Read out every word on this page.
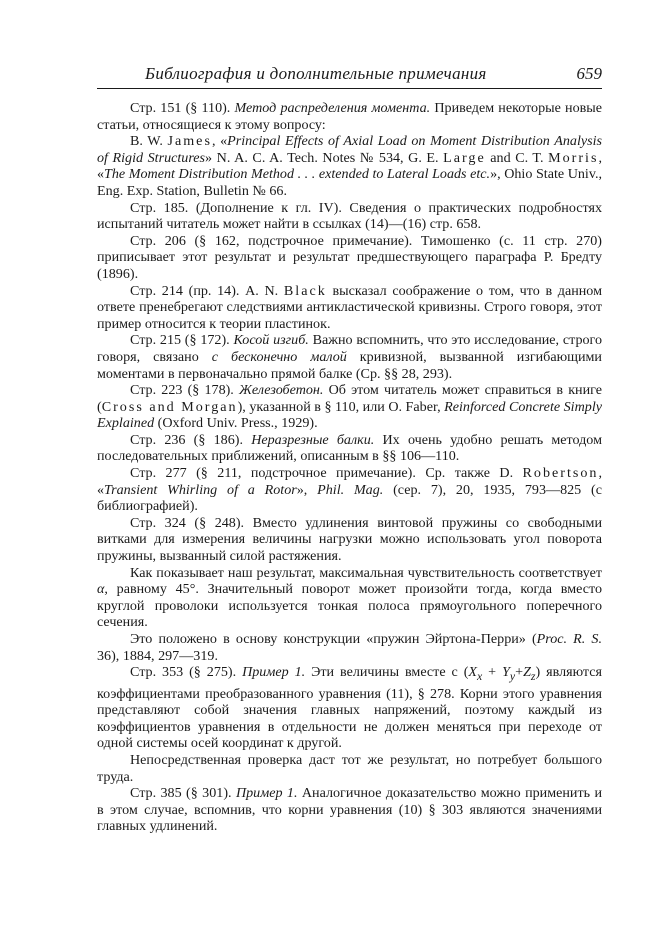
Библиография и дополнительные примечания	659

Стр. 151 (§ 110). Метод распределения момента. Приведем некоторые новые статьи, относящиеся к этому вопросу:

B. W. James, «Principal Effects of Axial Load on Moment Distribution Analysis of Rigid Structures» N. A. C. A. Tech. Notes № 534, G. E. Large and C. T. Morris, «The Moment Distribution Method . . . extended to Lateral Loads etc.», Ohio State Univ., Eng. Exp. Station, Bulletin № 66.

Стр. 185. (Дополнение к гл. IV). Сведения о практических подробностях испытаний читатель может найти в ссылках (14)—(16) стр. 658.

Стр. 206 (§ 162, подстрочное примечание). Тимошенко (с. 11 стр. 270) приписывает этот результат и результат предшествующего параграфа Р. Бредту (1896).

Стр. 214 (пр. 14). A. N. Black высказал соображение о том, что в данном ответе пренебрегают следствиями антикластической кривизны. Строго говоря, этот пример относится к теории пластинок.

Стр. 215 (§ 172). Косой изгиб. Важно вспомнить, что это исследование, строго говоря, связано с бесконечно малой кривизной, вызванной изгибающими моментами в первоначально прямой балке (Ср. §§ 28, 293).

Стр. 223 (§ 178). Железобетон. Об этом читатель может справиться в книге (Cross and Morgan), указанной в § 110, или O. Faber, Reinforced Concrete Simply Explained (Oxford Univ. Press., 1929).

Стр. 236 (§ 186). Неразрезные балки. Их очень удобно решать методом последовательных приближений, описанным в §§ 106—110.

Стр. 277 (§ 211, подстрочное примечание). Ср. также D. Robertson, «Transient Whirling of a Rotor», Phil. Mag. (сер. 7), 20, 1935, 793—825 (с библиографией).

Стр. 324 (§ 248). Вместо удлинения винтовой пружины со свободными витками для измерения величины нагрузки можно использовать угол поворота пружины, вызванный силой растяжения.

Как показывает наш результат, максимальная чувствительность соответствует α, равному 45°. Значительный поворот может произойти тогда, когда вместо круглой проволоки используется тонкая полоса прямоугольного поперечного сечения.

Это положено в основу конструкции «пружин Эйртона-Перри» (Proc. R. S. 36), 1884, 297—319.

Стр. 353 (§ 275). Пример 1. Эти величины вместе с $(X_x + Y_y+Z_z)$ являются коэффициентами преобразованного уравнения (11), § 278. Корни этого уравнения представляют собой значения главных напряжений, поэтому каждый из коэффициентов уравнения в отдельности не должен меняться при переходе от одной системы осей координат к другой.

Непосредственная проверка даст тот же результат, но потребует большого труда.

Стр. 385 (§ 301). Пример 1. Аналогичное доказательство можно применить и в этом случае, вспомнив, что корни уравнения (10) § 303 являются значениями главных удлинений.
